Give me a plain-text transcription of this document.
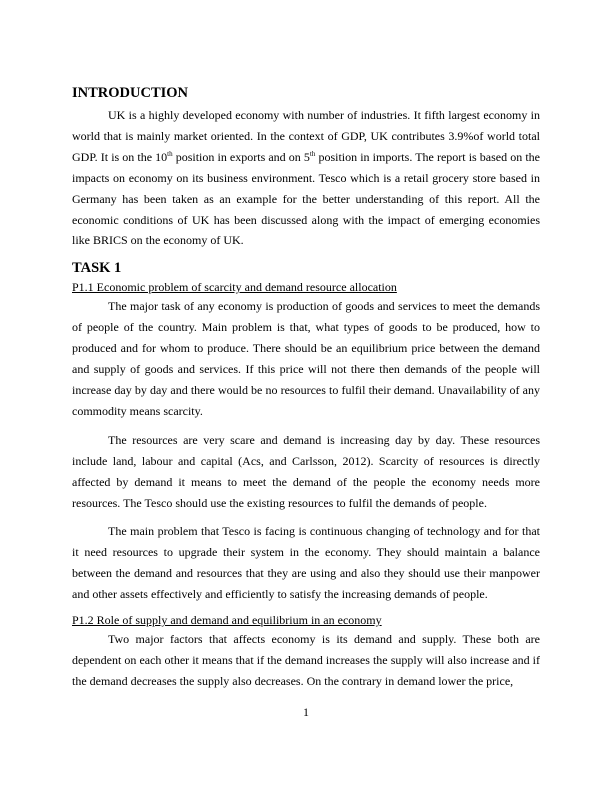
INTRODUCTION

UK is a highly developed economy with number of industries. It fifth largest economy in world that is mainly market oriented. In the context of GDP, UK contributes 3.9%of world total GDP. It is on the 10th position in exports and on 5th position in imports. The report is based on the impacts on economy on its business environment. Tesco which is a retail grocery store based in Germany has been taken as an example for the better understanding of this report. All the economic conditions of UK has been discussed along with the impact of emerging economies like BRICS on the economy of UK.

TASK 1

P1.1 Economic problem of scarcity and demand resource allocation

The major task of any economy is production of goods and services to meet the demands of people of the country. Main problem is that, what types of goods to be produced, how to produced and for whom to produce. There should be an equilibrium price between the demand and supply of goods and services. If this price will not there then demands of the people will increase day by day and there would be no resources to fulfil their demand. Unavailability of any commodity means scarcity.

The resources are very scare and demand is increasing day by day. These resources include land, labour and capital (Acs, and Carlsson, 2012). Scarcity of resources is directly affected by demand it means to meet the demand of the people the economy needs more resources. The Tesco should use the existing resources to fulfil the demands of people.

The main problem that Tesco is facing is continuous changing of technology and for that it need resources to upgrade their system in the economy. They should maintain a balance between the demand and resources that they are using and also they should use their manpower and other assets effectively and efficiently to satisfy the increasing demands of people.

P1.2 Role of supply and demand and equilibrium in an economy

Two major factors that affects economy is its demand and supply. These both are dependent on each other it means that if the demand increases the supply will also increase and if the demand decreases the supply also decreases. On the contrary in demand lower the price,

1
